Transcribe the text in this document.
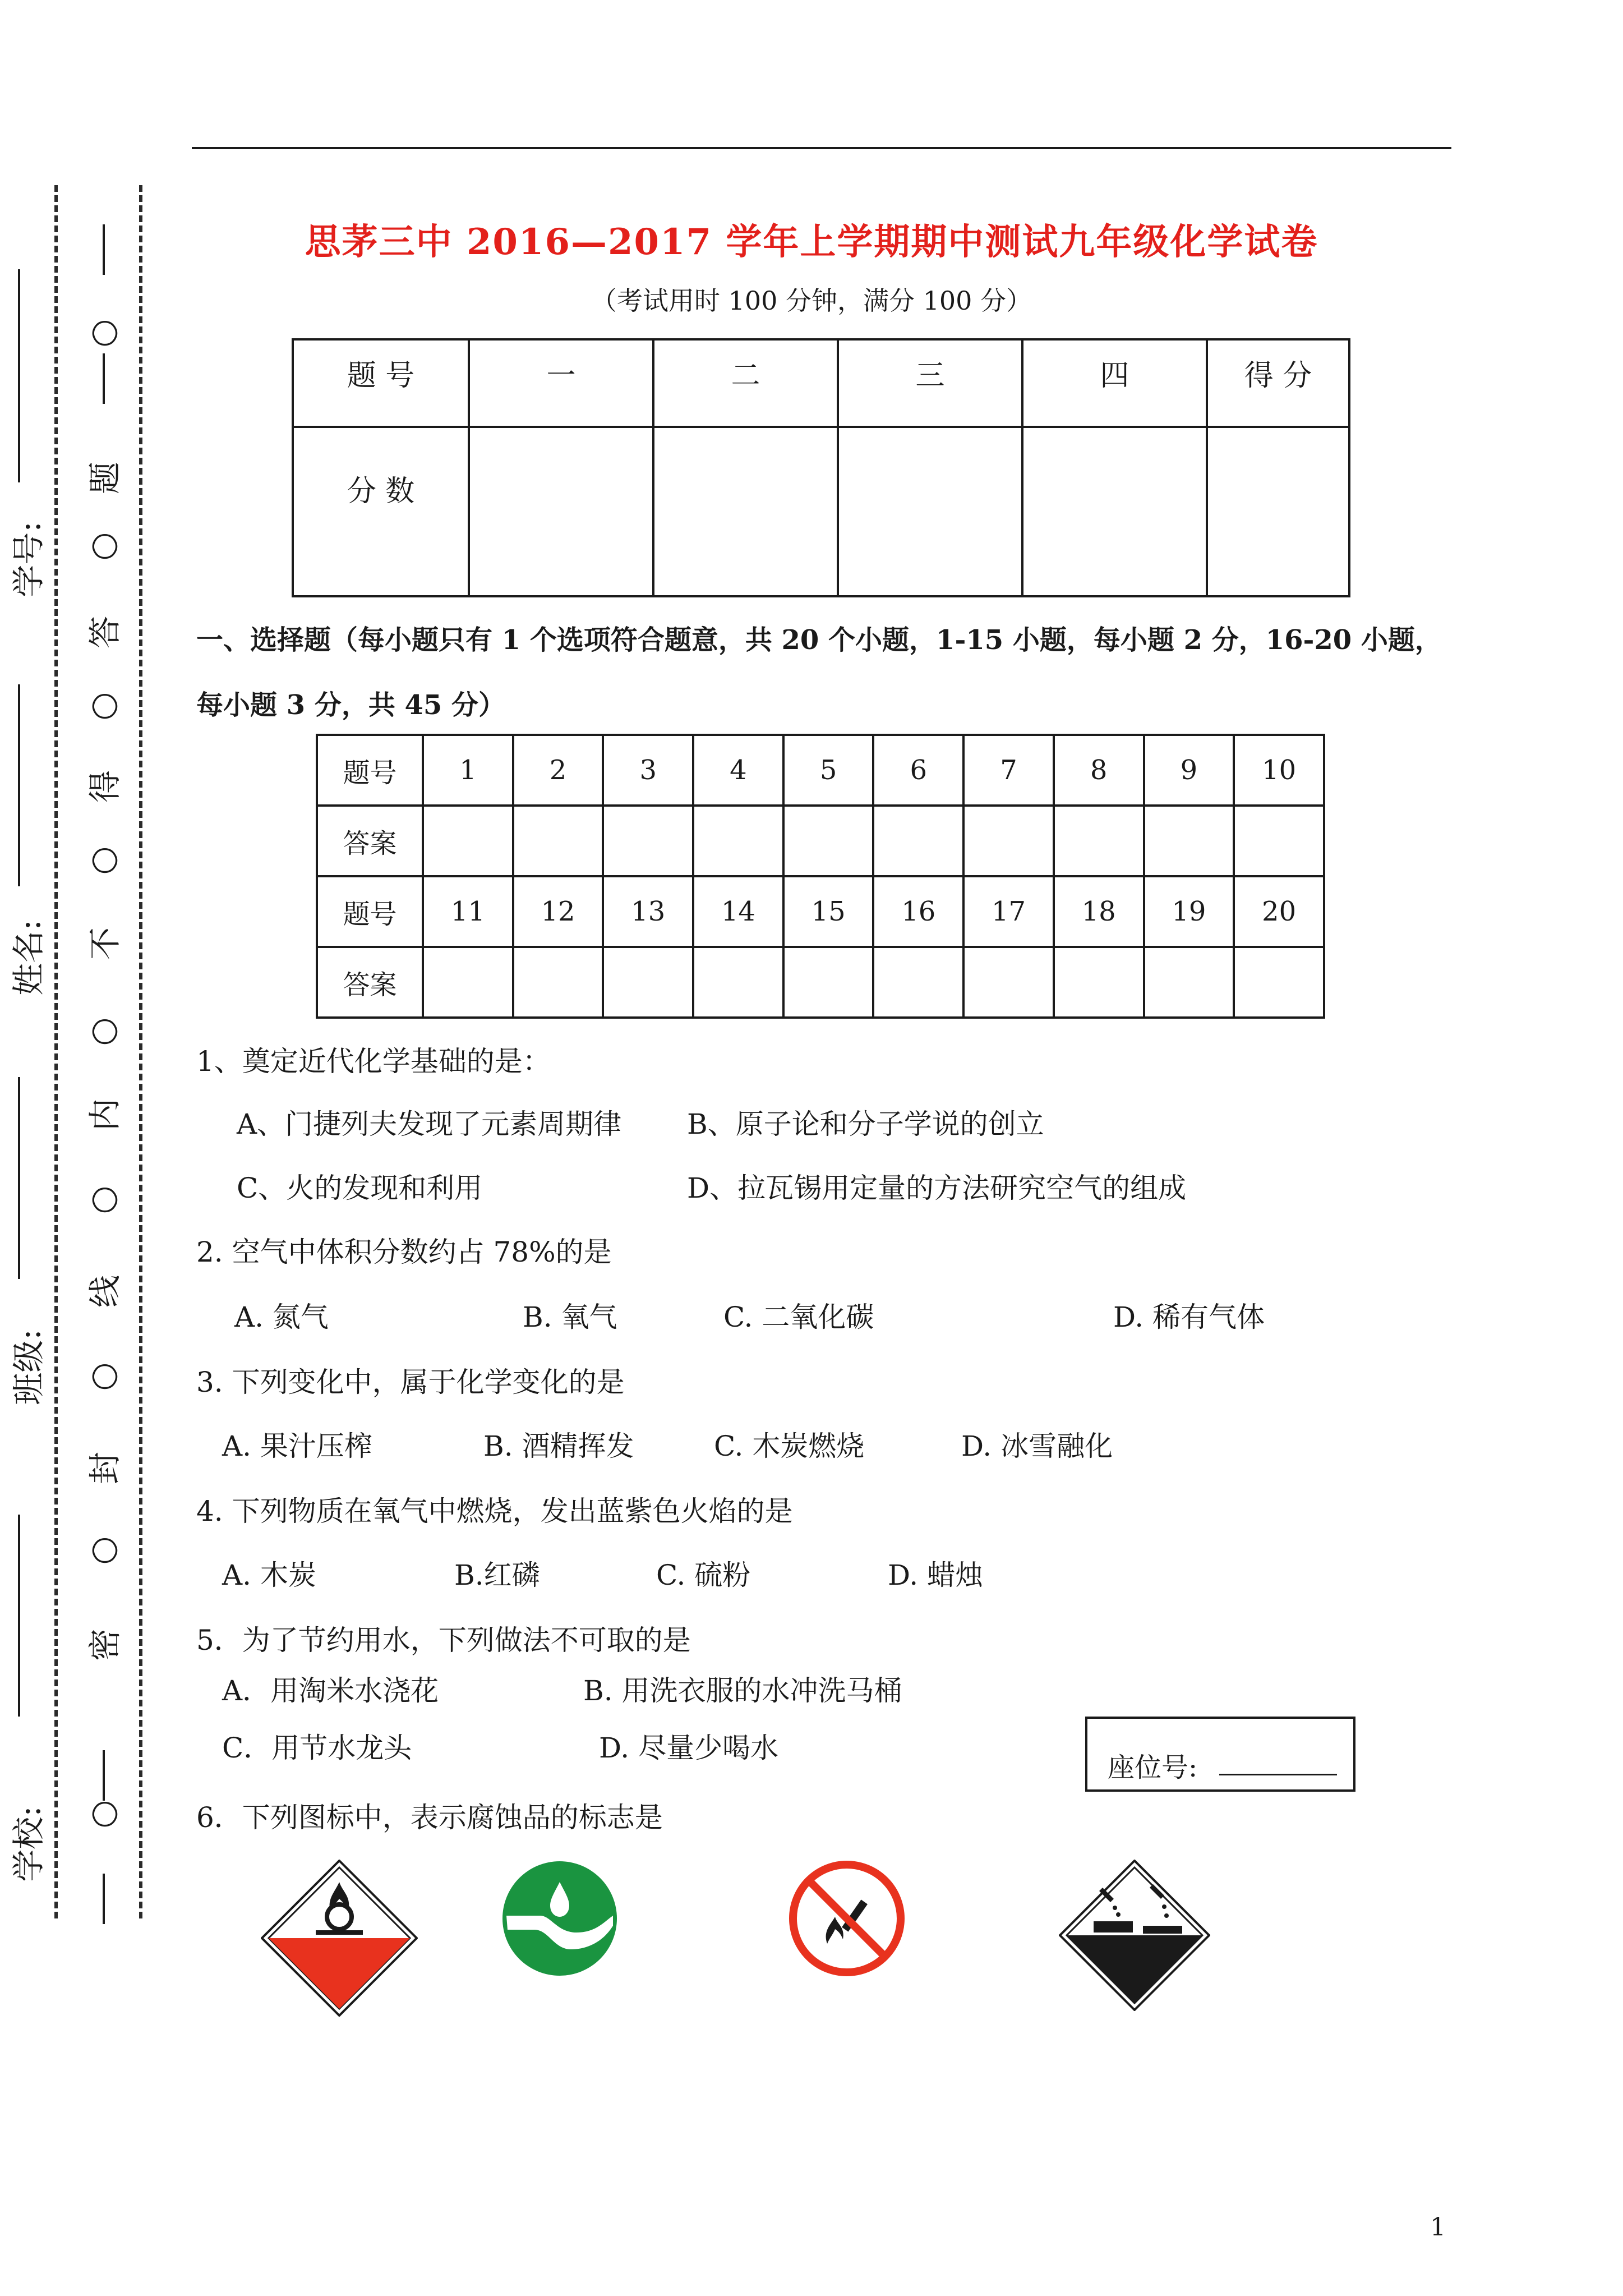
学号:
姓名:
班级:
学校:
○
题
○
答
○
得
○
不
○
内
○
线
○
封
○
密
○
思茅三中 2016—2017 学年上学期期中测试九年级化学试卷
（考试用时 100 分钟，满分 100 分）
题 号	一	二	三	四	得 分
分 数					
一、选择题（每小题只有 1 个选项符合题意，共 20 个小题，1-15 小题，每小题 2 分，16-20 小题，
每小题 3 分，共 45 分）
题号	1	2	3	4	5	6	7	8	9	10
答案										
题号	11	12	13	14	15	16	17	18	19	20
答案										
1、奠定近代化学基础的是：
A、门捷列夫发现了元素周期律 B、原子论和分子学说的创立
C、火的发现和利用	D、拉瓦锡用定量的方法研究空气的组成
2. 空气中体积分数约占 78%的是
A. 氮气	B. 氧气	C. 二氧化碳	D. 稀有气体
3. 下列变化中，属于化学变化的是
A. 果汁压榨	B. 酒精挥发	C. 木炭燃烧	D. 冰雪融化
4. 下列物质在氧气中燃烧，发出蓝紫色火焰的是
A. 木炭	B.红磷	C. 硫粉	D. 蜡烛
5．为了节约用水，下列做法不可取的是
A．用淘米水浇花	B. 用洗衣服的水冲洗马桶
C．用节水龙头	D. 尽量少喝水
座位号:
6．下列图标中，表示腐蚀品的标志是
1
